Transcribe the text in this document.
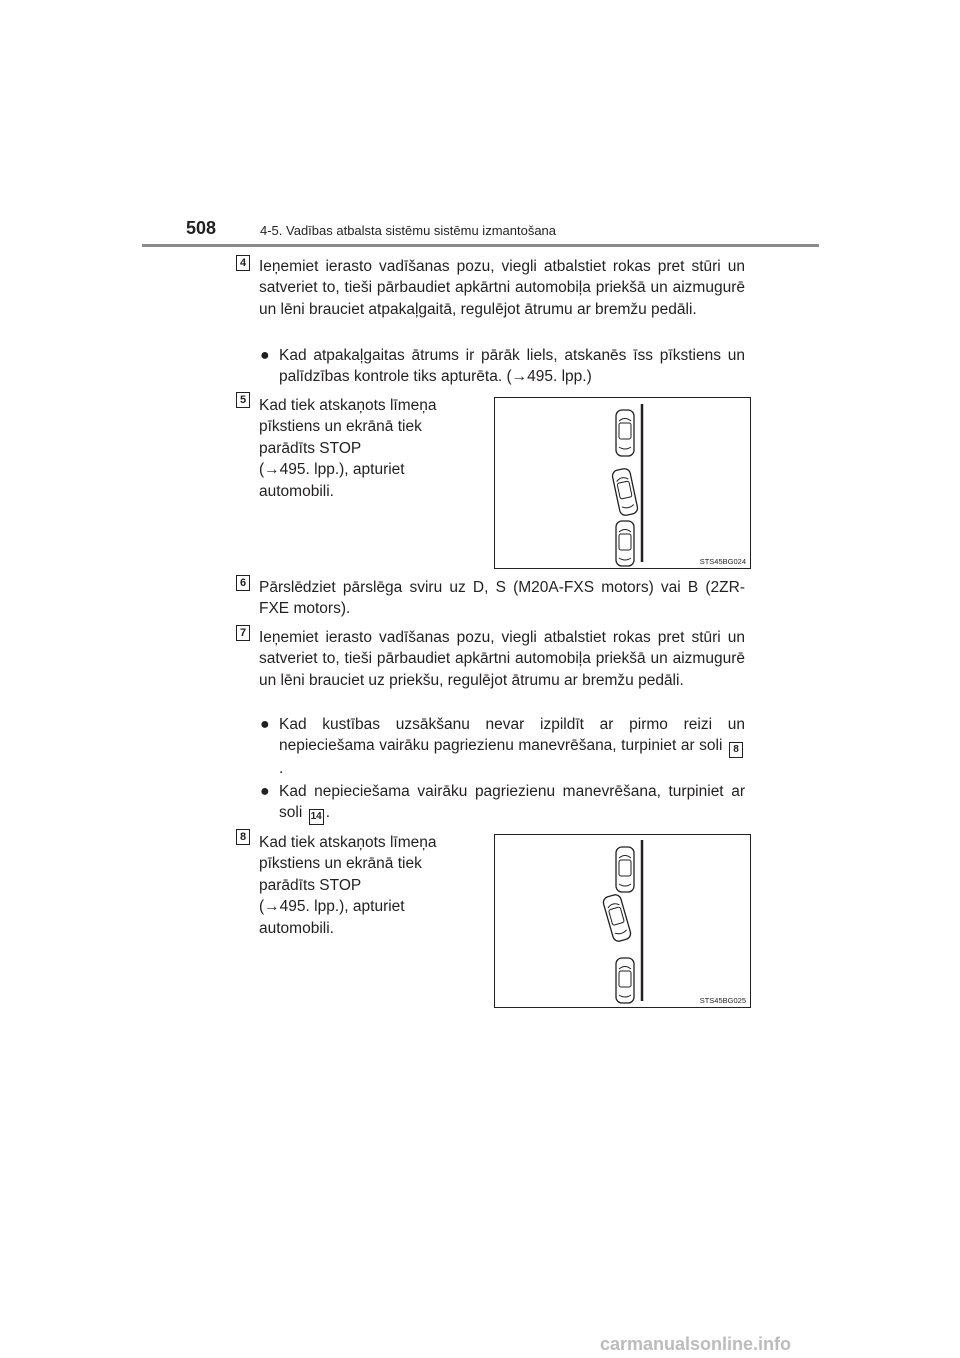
508	4-5. Vadības atbalsta sistēmu sistēmu izmantošana
4 Ieņemiet ierasto vadīšanas pozu, viegli atbalstiet rokas pret stūri un satveriet to, tieši pārbaudiet apkārtni automobiļa priekšā un aizmugurē un lēni brauciet atpakaļgaitā, regulējot ātrumu ar bremžu pedāli.

● Kad atpakaļgaitas ātrums ir pārāk liels, atskanēs īss pīkstiens un palīdzības kontrole tiks apturēta. (→495. lpp.)

5 Kad tiek atskaņots līmeņa
pīkstiens un ekrānā tiek
parādīts STOP
(→495. lpp.), apturiet
automobili.
STS45BG024
6 Pārslēdziet pārslēga sviru uz D, S (M20A-FXS motors) vai B (2ZR-FXE motors).

7 Ieņemiet ierasto vadīšanas pozu, viegli atbalstiet rokas pret stūri un satveriet to, tieši pārbaudiet apkārtni automobiļa priekšā un aizmugurē un lēni brauciet uz priekšu, regulējot ātrumu ar bremžu pedāli.

● Kad kustības uzsākšanu nevar izpildīt ar pirmo reizi un nepieciešama vairāku pagriezienu manevrēšana, turpiniet ar soli 8.

● Kad nepieciešama vairāku pagriezienu manevrēšana, turpiniet ar soli 14 .

8 Kad tiek atskaņots līmeņa
pīkstiens un ekrānā tiek
parādīts STOP
(→495. lpp.), apturiet
automobili.
STS45BG025
carmanualsonline.info
